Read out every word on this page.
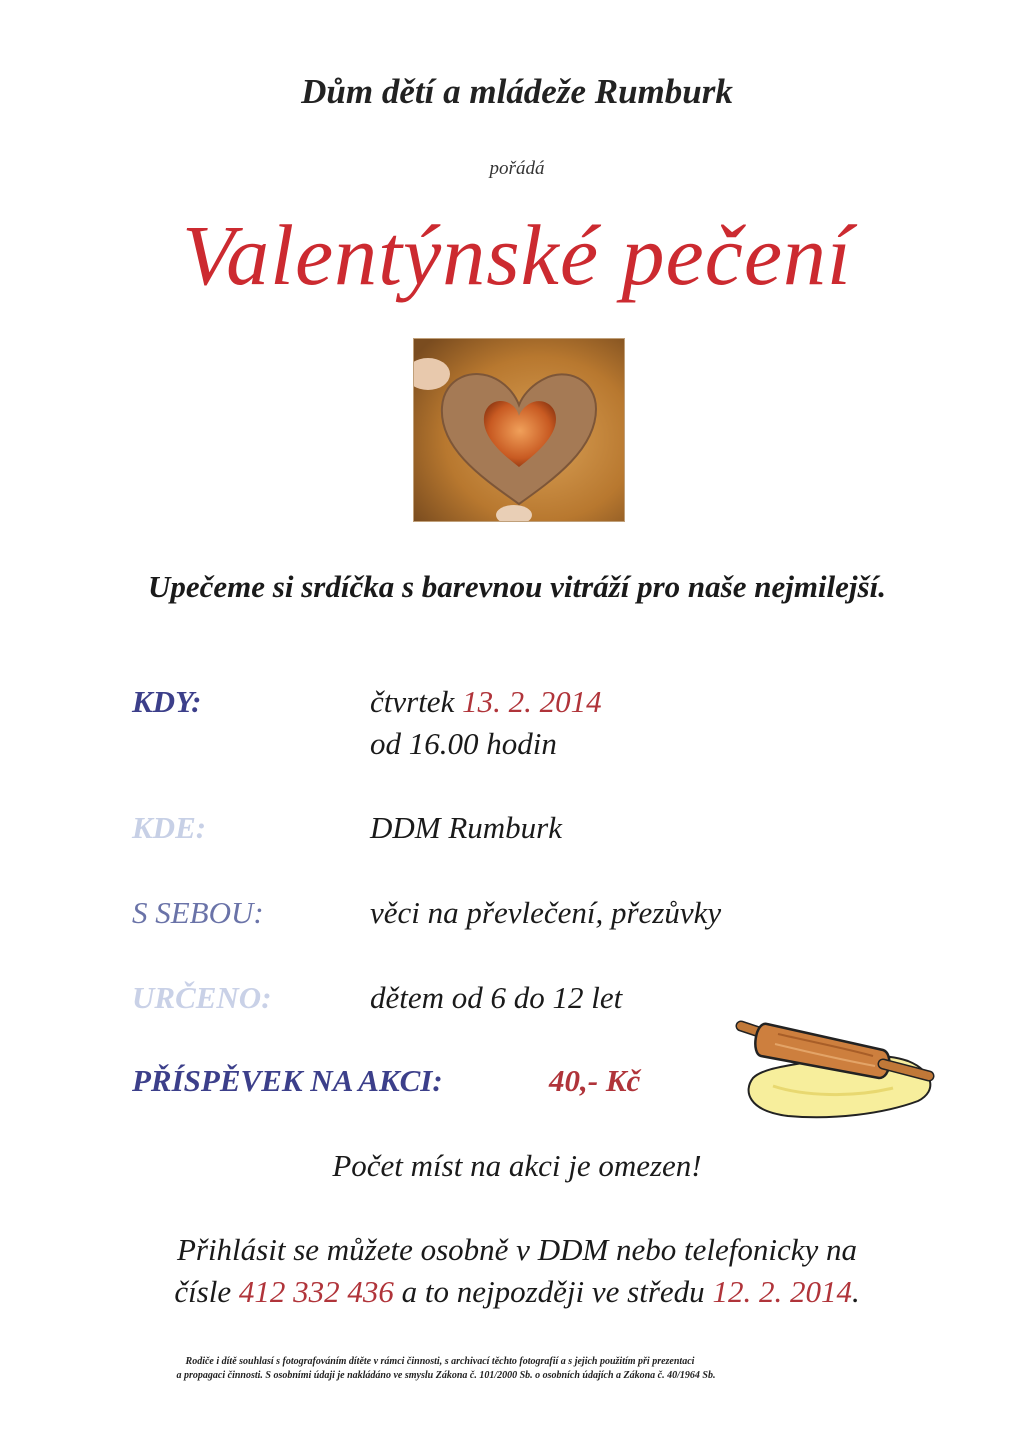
Dům dětí a mládeže Rumburk
pořádá
Valentýnské pečení
Upečeme si srdíčka s barevnou vitráží pro naše nejmilejší.
KDY:	čtvrtek 13. 2. 2014
od 16.00 hodin
KDE:	DDM Rumburk
S SEBOU:	věci na převlečení, přezůvky
URČENO:	dětem od 6 do 12 let
PŘÍSPĚVEK NA AKCI:	40,- Kč
Počet míst na akci je omezen!
Přihlásit se můžete osobně v DDM nebo telefonicky na
čísle 412 332 436 a to nejpozději ve středu 12. 2. 2014.
Rodiče i dítě souhlasí s fotografováním dítěte v rámci činnosti, s archivací těchto fotografií a s jejich použitím při prezentaci
a propagaci činnosti. S osobními údaji je nakládáno ve smyslu Zákona č. 101/2000 Sb. o osobních údajích a Zákona č. 40/1964 Sb.
